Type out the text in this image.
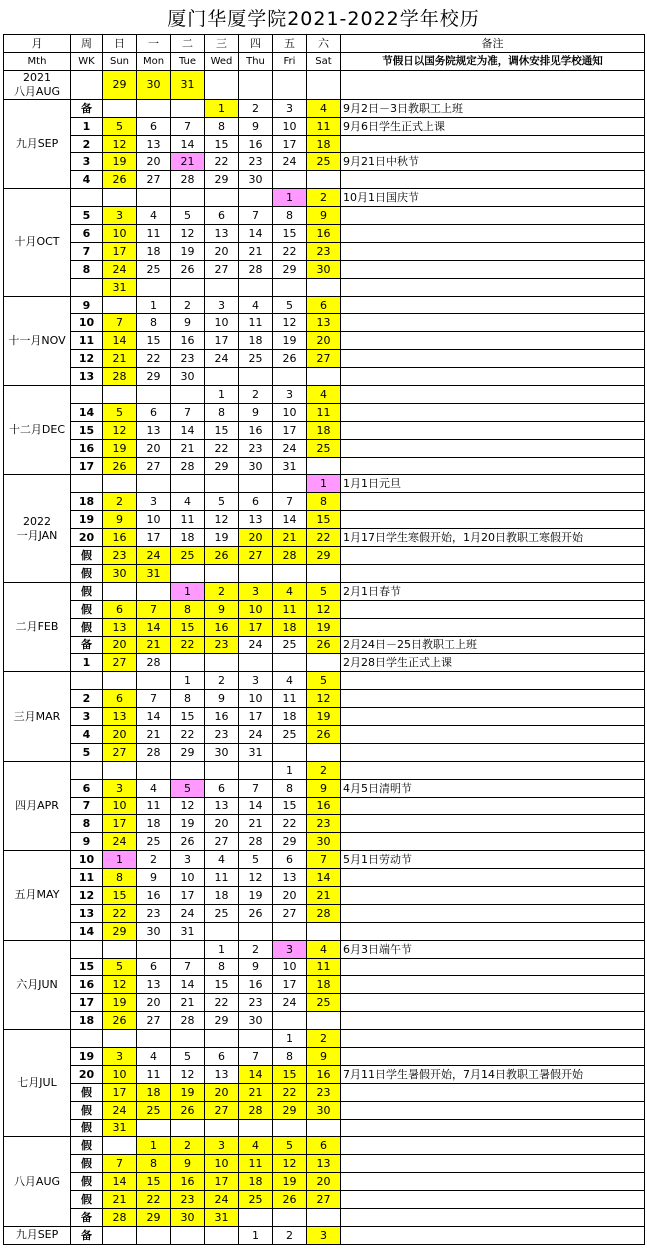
厦门华厦学院2021-2022学年校历
月	周	日	一	二	三	四	五	六	备注
Mth	WK	Sun	Mon	Tue	Wed	Thu	Fri	Sat	节假日以国务院规定为准，调休安排见学校通知
2021
八月AUG		29	30	31					
九月SEP	备				1	2	3	4	9月2日－3日教职工上班
	1	5	6	7	8	9	10	11	9月6日学生正式上课
	2	12	13	14	15	16	17	18	
	3	19	20	21	22	23	24	25	9月21日中秋节
	4	26	27	28	29	30			
十月OCT							1	2	10月1日国庆节
	5	3	4	5	6	7	8	9	
	6	10	11	12	13	14	15	16	
	7	17	18	19	20	21	22	23	
	8	24	25	26	27	28	29	30	
		31							
十一月NOV	9		1	2	3	4	5	6	
	10	7	8	9	10	11	12	13	
	11	14	15	16	17	18	19	20	
	12	21	22	23	24	25	26	27	
	13	28	29	30					
十二月DEC					1	2	3	4	
	14	5	6	7	8	9	10	11	
	15	12	13	14	15	16	17	18	
	16	19	20	21	22	23	24	25	
	17	26	27	28	29	30	31		
2022
一月JAN								1	1月1日元旦
	18	2	3	4	5	6	7	8	
	19	9	10	11	12	13	14	15	
	20	16	17	18	19	20	21	22	1月17日学生寒假开始，1月20日教职工寒假开始
	假	23	24	25	26	27	28	29	
	假	30	31						
二月FEB	假			1	2	3	4	5	2月1日春节
	假	6	7	8	9	10	11	12	
	假	13	14	15	16	17	18	19	
	备	20	21	22	23	24	25	26	2月24日－25日教职工上班
	1	27	28						2月28日学生正式上课
三月MAR				1	2	3	4	5	
	2	6	7	8	9	10	11	12	
	3	13	14	15	16	17	18	19	
	4	20	21	22	23	24	25	26	
	5	27	28	29	30	31			
四月APR							1	2	
	6	3	4	5	6	7	8	9	4月5日清明节
	7	10	11	12	13	14	15	16	
	8	17	18	19	20	21	22	23	
	9	24	25	26	27	28	29	30	
五月MAY	10	1	2	3	4	5	6	7	5月1日劳动节
	11	8	9	10	11	12	13	14	
	12	15	16	17	18	19	20	21	
	13	22	23	24	25	26	27	28	
	14	29	30	31					
六月JUN					1	2	3	4	6月3日端午节
	15	5	6	7	8	9	10	11	
	16	12	13	14	15	16	17	18	
	17	19	20	21	22	23	24	25	
	18	26	27	28	29	30			
七月JUL							1	2	
	19	3	4	5	6	7	8	9	
	20	10	11	12	13	14	15	16	7月11日学生暑假开始，7月14日教职工暑假开始
	假	17	18	19	20	21	22	23	
	假	24	25	26	27	28	29	30	
	假	31							
八月AUG	假		1	2	3	4	5	6	
	假	7	8	9	10	11	12	13	
	假	14	15	16	17	18	19	20	
	假	21	22	23	24	25	26	27	
	备	28	29	30	31				
九月SEP	备					1	2	3	
